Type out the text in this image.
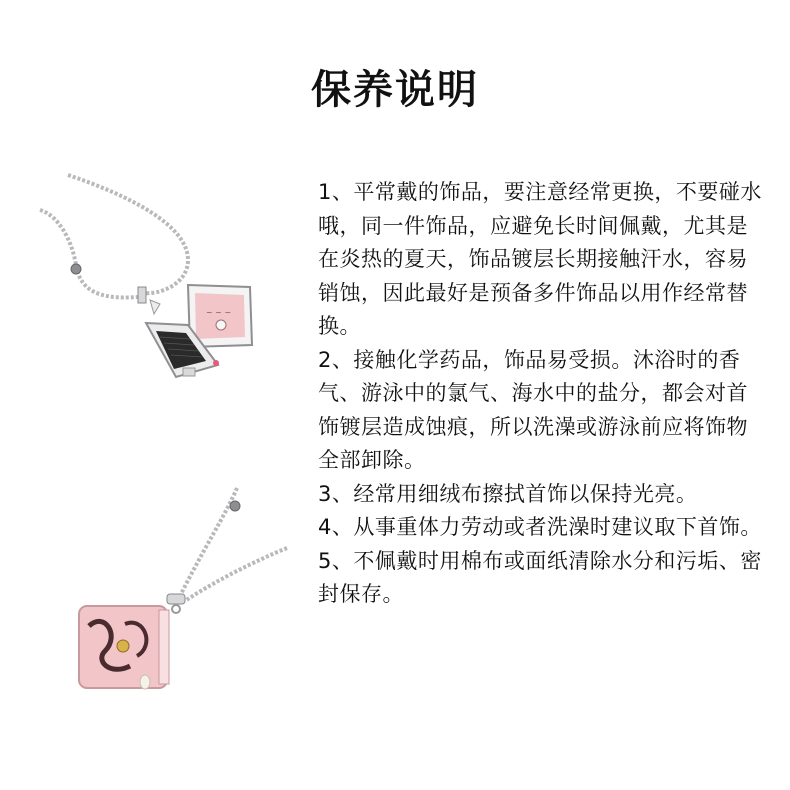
保养说明
~ ~ ~

1、平常戴的饰品，要注意经常更换，不要碰水哦，同一件饰品，应避免长时间佩戴，尤其是在炎热的夏天，饰品镀层长期接触汗水，容易销蚀，因此最好是预备多件饰品以用作经常替换。

2、接触化学药品，饰品易受损。沐浴时的香气、游泳中的氯气、海水中的盐分，都会对首饰镀层造成蚀痕，所以洗澡或游泳前应将饰物全部卸除。

3、经常用细绒布擦拭首饰以保持光亮。

4、从事重体力劳动或者洗澡时建议取下首饰。

5、不佩戴时用棉布或面纸清除水分和污垢、密封保存。
